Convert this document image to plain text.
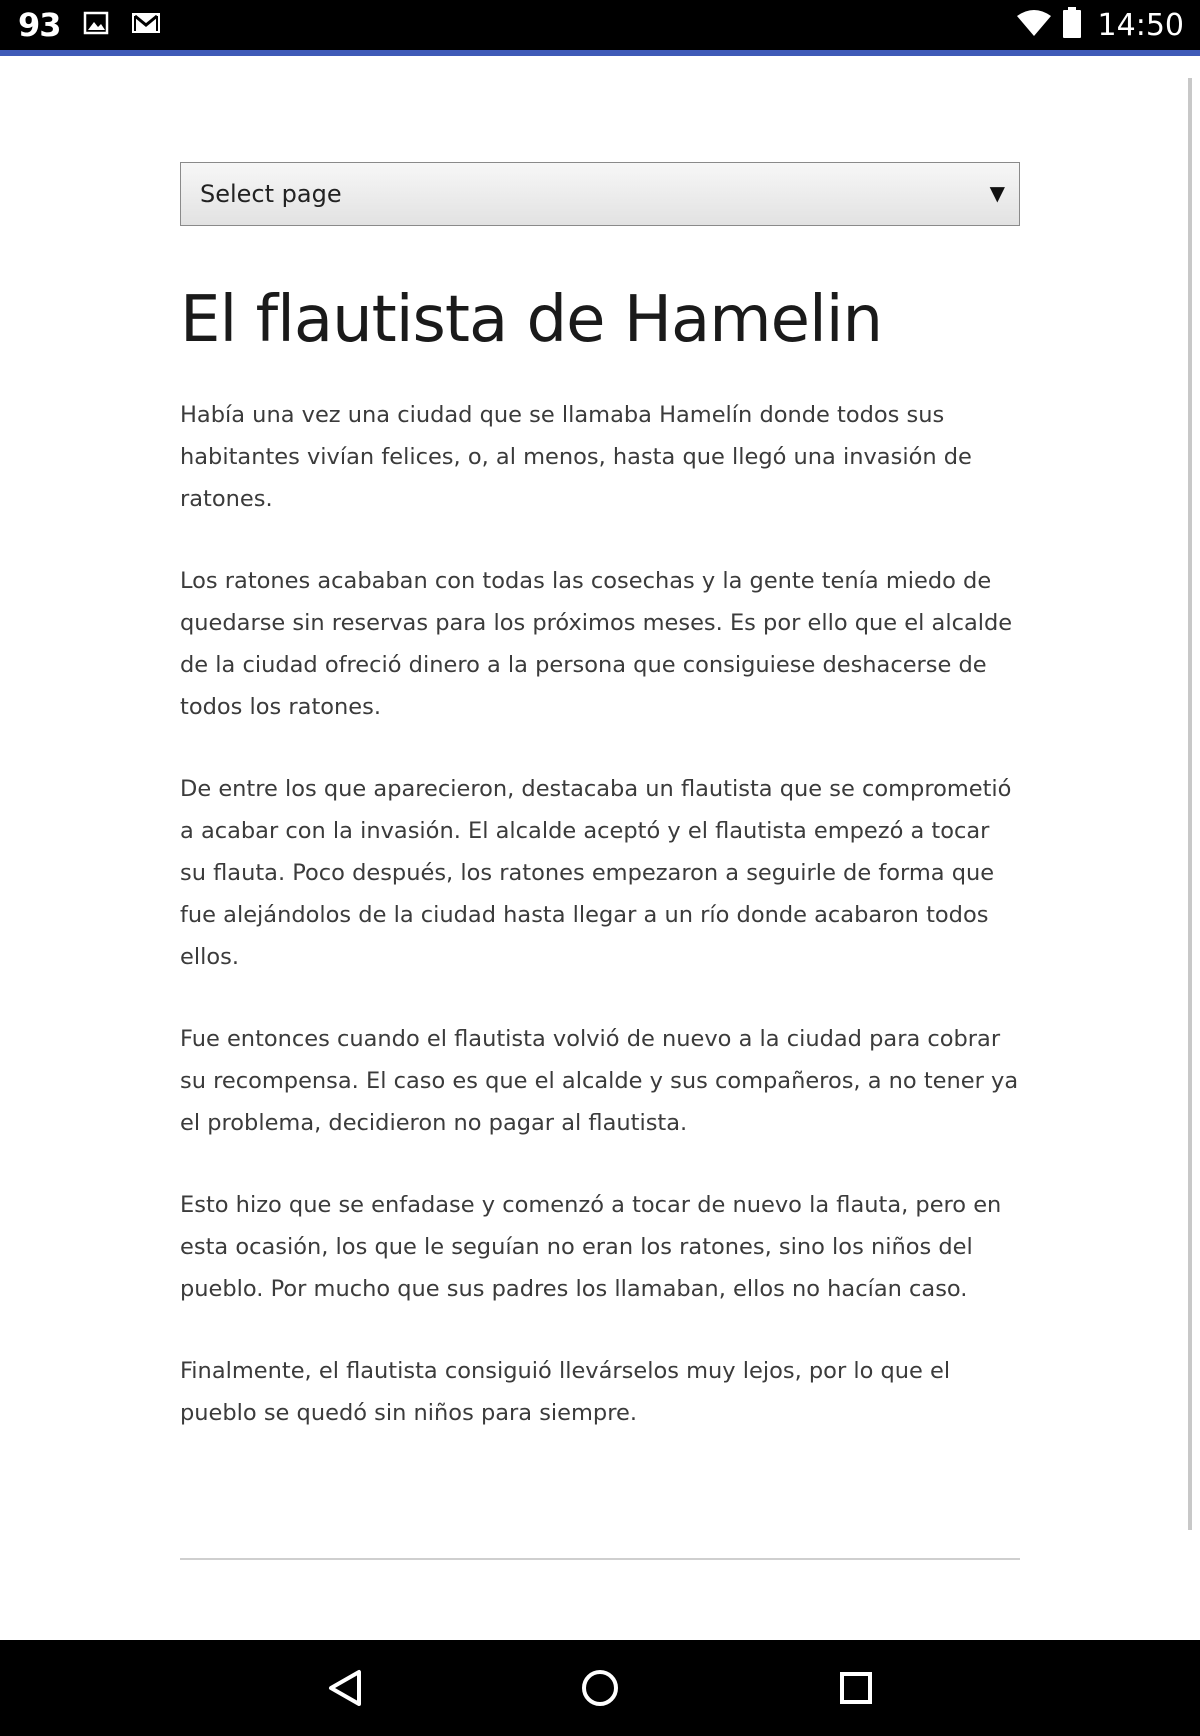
93	14:50
Select page	▼
El flautista de Hamelin

Había una vez una ciudad que se llamaba Hamelín donde todos sus habitantes vivían felices, o, al menos, hasta que llegó una invasión de ratones.

Los ratones acababan con todas las cosechas y la gente tenía miedo de quedarse sin reservas para los próximos meses. Es por ello que el alcalde de la ciudad ofreció dinero a la persona que consiguiese deshacerse de todos los ratones.

De entre los que aparecieron, destacaba un flautista que se comprometió a acabar con la invasión. El alcalde aceptó y el flautista empezó a tocar su flauta. Poco después, los ratones empezaron a seguirle de forma que fue alejándolos de la ciudad hasta llegar a un río donde acabaron todos ellos.

Fue entonces cuando el flautista volvió de nuevo a la ciudad para cobrar su recompensa. El caso es que el alcalde y sus compañeros, a no tener ya el problema, decidieron no pagar al flautista.

Esto hizo que se enfadase y comenzó a tocar de nuevo la flauta, pero en esta ocasión, los que le seguían no eran los ratones, sino los niños del pueblo. Por mucho que sus padres los llamaban, ellos no hacían caso.

Finalmente, el flautista consiguió llevárselos muy lejos, por lo que el pueblo se quedó sin niños para siempre.
